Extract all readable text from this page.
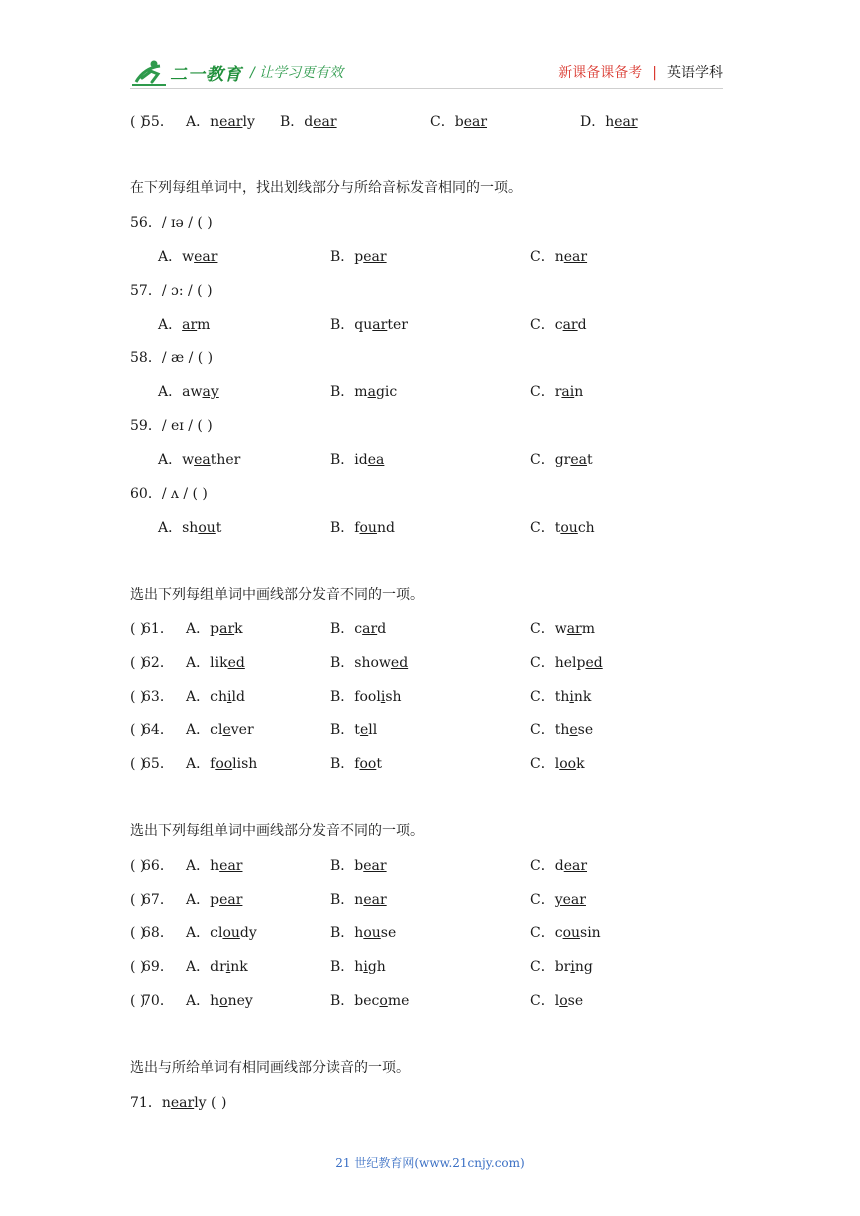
二一教育 / 让学习更有效	新课备课备考 | 英语学科
( )
55． A．nearly B．dear	C．bear	D．hear
在下列每组单词中，找出划线部分与所给音标发音相同的一项。
56．/ ɪə / ( )
A．wear	B．pear	C．near
57．/ ɔ: / ( )
A．arm	B．quarter	C．card
58．/ æ / ( )
A．away	B．magic	C．rain
59．/ eɪ / ( )
A．weather	B．idea	C．great
60．/ ʌ / ( )
A．shout	B．found	C．touch
选出下列每组单词中画线部分发音不同的一项。
( )
61． A．park	B．card	C．warm
( )
62． A．liked	B．showed	C．helped
( )
63． A．child	B．foolish	C．think
( )
64． A．clever	B．tell	C．these
( )
65． A．foolish	B．foot	C．look
选出下列每组单词中画线部分发音不同的一项。
( )
66． A．hear	B．bear	C．dear
( )
67． A．pear	B．near	C．year
( )
68． A．cloudy	B．house	C．cousin
( )
69． A．drink	B．high	C．bring
( )
70． A．honey	B．become	C．lose
选出与所给单词有相同画线部分读音的一项。
71．nearly ( )
21 世纪教育网(www.21cnjy.com)
